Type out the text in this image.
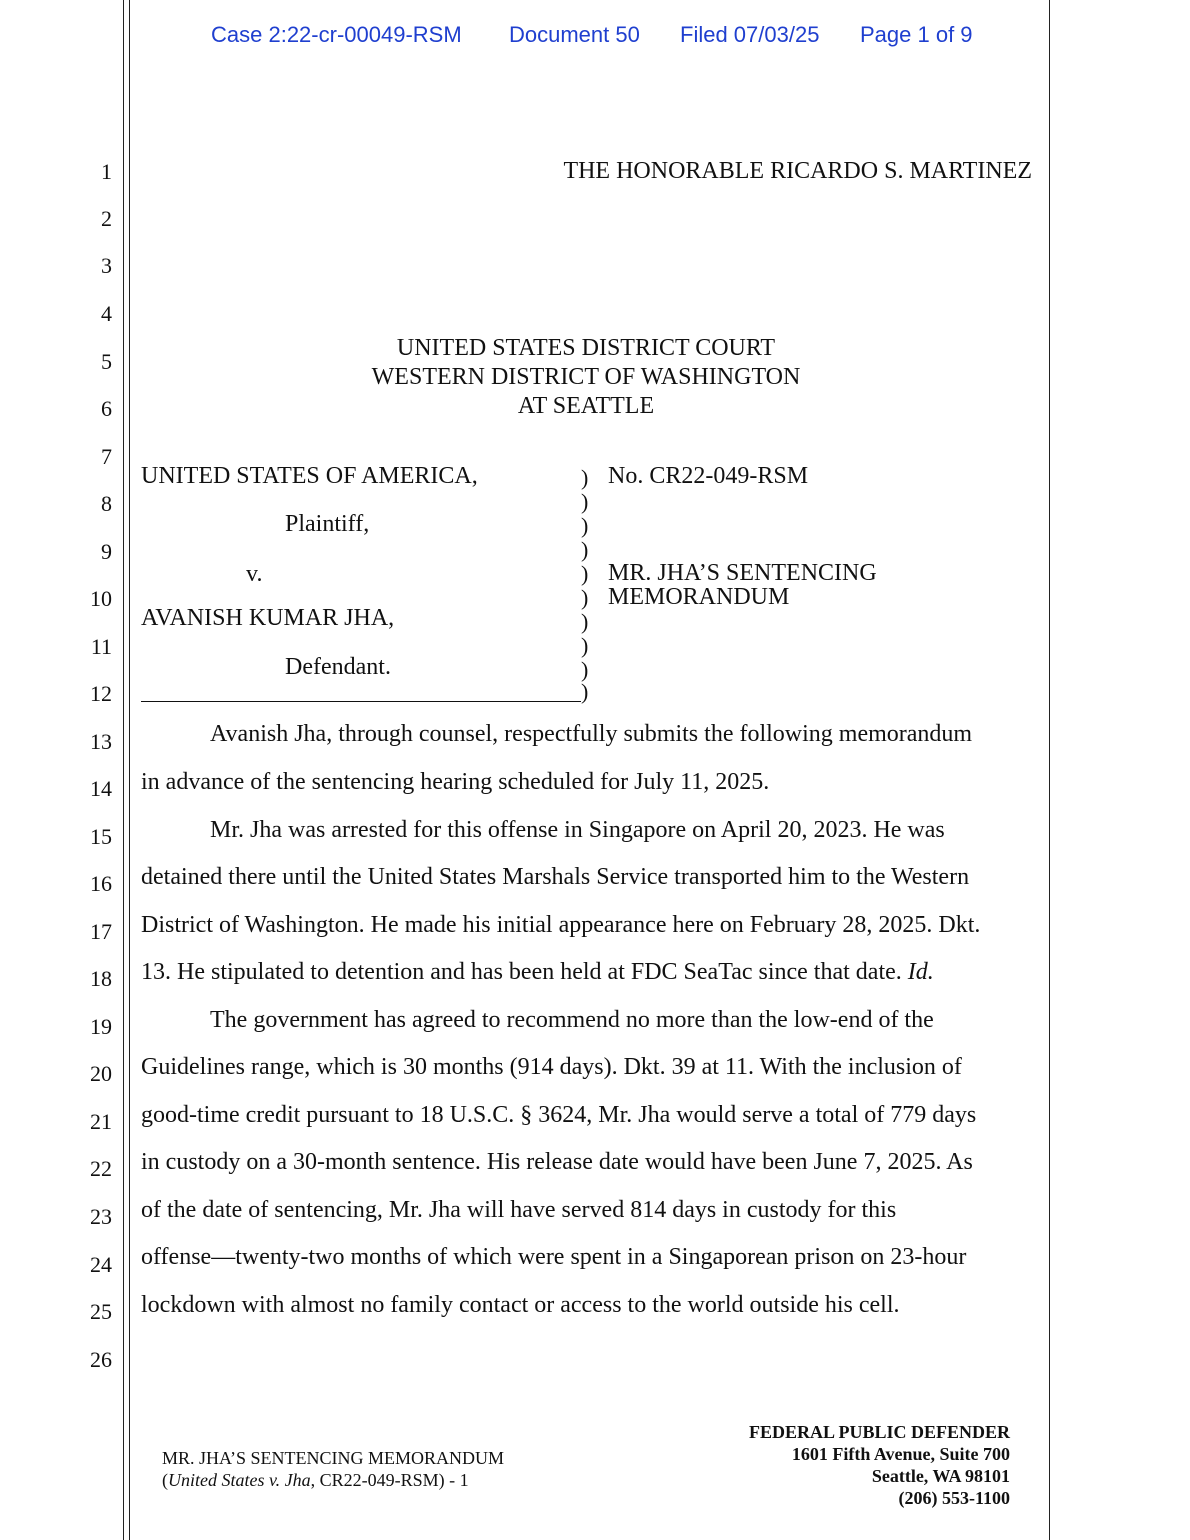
Case 2:22-cr-00049-RSM Document 50 Filed 07/03/25 Page 1 of 9
1
2
3
4
5
6
7
8
9
10
11
12
13
14
15
16
17
18
19
20
21
22
23
24
25
26
THE HONORABLE RICARDO S. MARTINEZ
UNITED STATES DISTRICT COURT
WESTERN DISTRICT OF WASHINGTON
AT SEATTLE
UNITED STATES OF AMERICA,
Plaintiff,
v.
AVANISH KUMAR JHA,
Defendant.
)
)
)
)
)
)
)
)
)
)
No. CR22-049-RSM
MR. JHA’S SENTENCING
MEMORANDUM
Avanish Jha, through counsel, respectfully submits the following memorandum
in advance of the sentencing hearing scheduled for July 11, 2025.
Mr. Jha was arrested for this offense in Singapore on April 20, 2023. He was
detained there until the United States Marshals Service transported him to the Western
District of Washington. He made his initial appearance here on February 28, 2025. Dkt.
13. He stipulated to detention and has been held at FDC SeaTac since that date. Id.
The government has agreed to recommend no more than the low-end of the
Guidelines range, which is 30 months (914 days). Dkt. 39 at 11. With the inclusion of
good-time credit pursuant to 18 U.S.C. § 3624, Mr. Jha would serve a total of 779 days
in custody on a 30-month sentence. His release date would have been June 7, 2025. As
of the date of sentencing, Mr. Jha will have served 814 days in custody for this
offense—twenty-two months of which were spent in a Singaporean prison on 23-hour
lockdown with almost no family contact or access to the world outside his cell.
MR. JHA’S SENTENCING MEMORANDUM
(United States v. Jha, CR22-049-RSM) - 1
FEDERAL PUBLIC DEFENDER
1601 Fifth Avenue, Suite 700
Seattle, WA 98101
(206) 553-1100
